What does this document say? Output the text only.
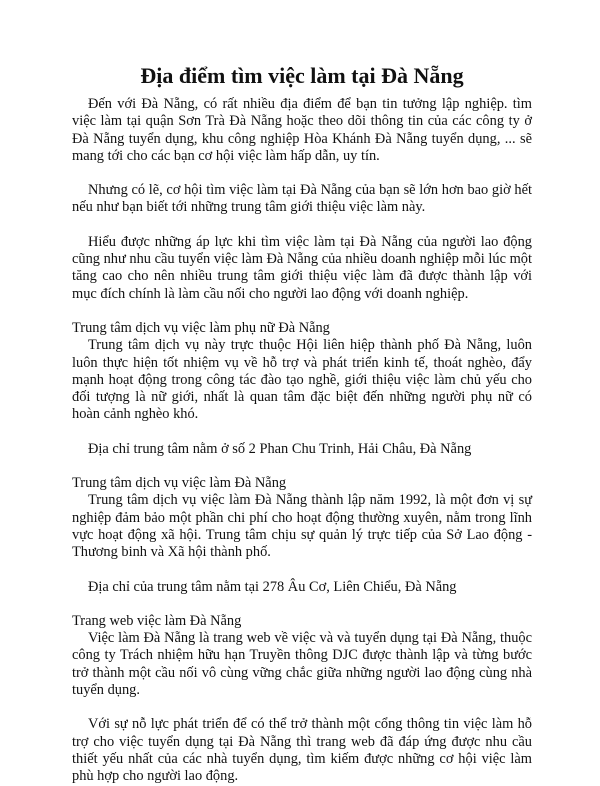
Địa điểm tìm việc làm tại Đà Nẵng

Đến với Đà Nẵng, có rất nhiều địa điểm để bạn tin tưởng lập nghiệp. tìm việc làm tại quận Sơn Trà Đà Nẵng hoặc theo dõi thông tin của các công ty ở Đà Nẵng tuyển dụng, khu công nghiệp Hòa Khánh Đà Nẵng tuyển dụng, ... sẽ mang tới cho các bạn cơ hội việc làm hấp dẫn, uy tín.

Nhưng có lẽ, cơ hội tìm việc làm tại Đà Nẵng của bạn sẽ lớn hơn bao giờ hết nếu như bạn biết tới những trung tâm giới thiệu việc làm này.

Hiểu được những áp lực khi tìm việc làm tại Đà Nẵng của người lao động cũng như nhu cầu tuyển việc làm Đà Nẵng của nhiều doanh nghiệp mỗi lúc một tăng cao cho nên nhiều trung tâm giới thiệu việc làm đã được thành lập với mục đích chính là làm cầu nối cho người lao động với doanh nghiệp.

Trung tâm dịch vụ việc làm phụ nữ Đà Nẵng

Trung tâm dịch vụ này trực thuộc Hội liên hiệp thành phố Đà Nẵng, luôn luôn thực hiện tốt nhiệm vụ về hỗ trợ và phát triển kinh tế, thoát nghèo, đẩy mạnh hoạt động trong công tác đào tạo nghề, giới thiệu việc làm chủ yếu cho đối tượng là nữ giới, nhất là quan tâm đặc biệt đến những người phụ nữ có hoàn cảnh nghèo khó.

Địa chỉ trung tâm nằm ở số 2 Phan Chu Trinh, Hải Châu, Đà Nẵng

Trung tâm dịch vụ việc làm Đà Nẵng

Trung tâm dịch vụ việc làm Đà Nẵng thành lập năm 1992, là một đơn vị sự nghiệp đảm bảo một phần chi phí cho hoạt động thường xuyên, nằm trong lĩnh vực hoạt động xã hội. Trung tâm chịu sự quản lý trực tiếp của Sở Lao động - Thương binh và Xã hội thành phố.

Địa chỉ của trung tâm nằm tại 278 Âu Cơ, Liên Chiểu, Đà Nẵng

Trang web việc làm Đà Nẵng

Việc làm Đà Nẵng là trang web về việc và và tuyển dụng tại Đà Nẵng, thuộc công ty Trách nhiệm hữu hạn Truyền thông DJC được thành lập và từng bước trở thành một cầu nối vô cùng vững chắc giữa những người lao động cùng nhà tuyển dụng.

Với sự nỗ lực phát triển để có thể trở thành một cổng thông tin việc làm hỗ trợ cho việc tuyển dụng tại Đà Nẵng thì trang web đã đáp ứng được nhu cầu thiết yếu nhất của các nhà tuyển dụng, tìm kiếm được những cơ hội việc làm phù hợp cho người lao động.
